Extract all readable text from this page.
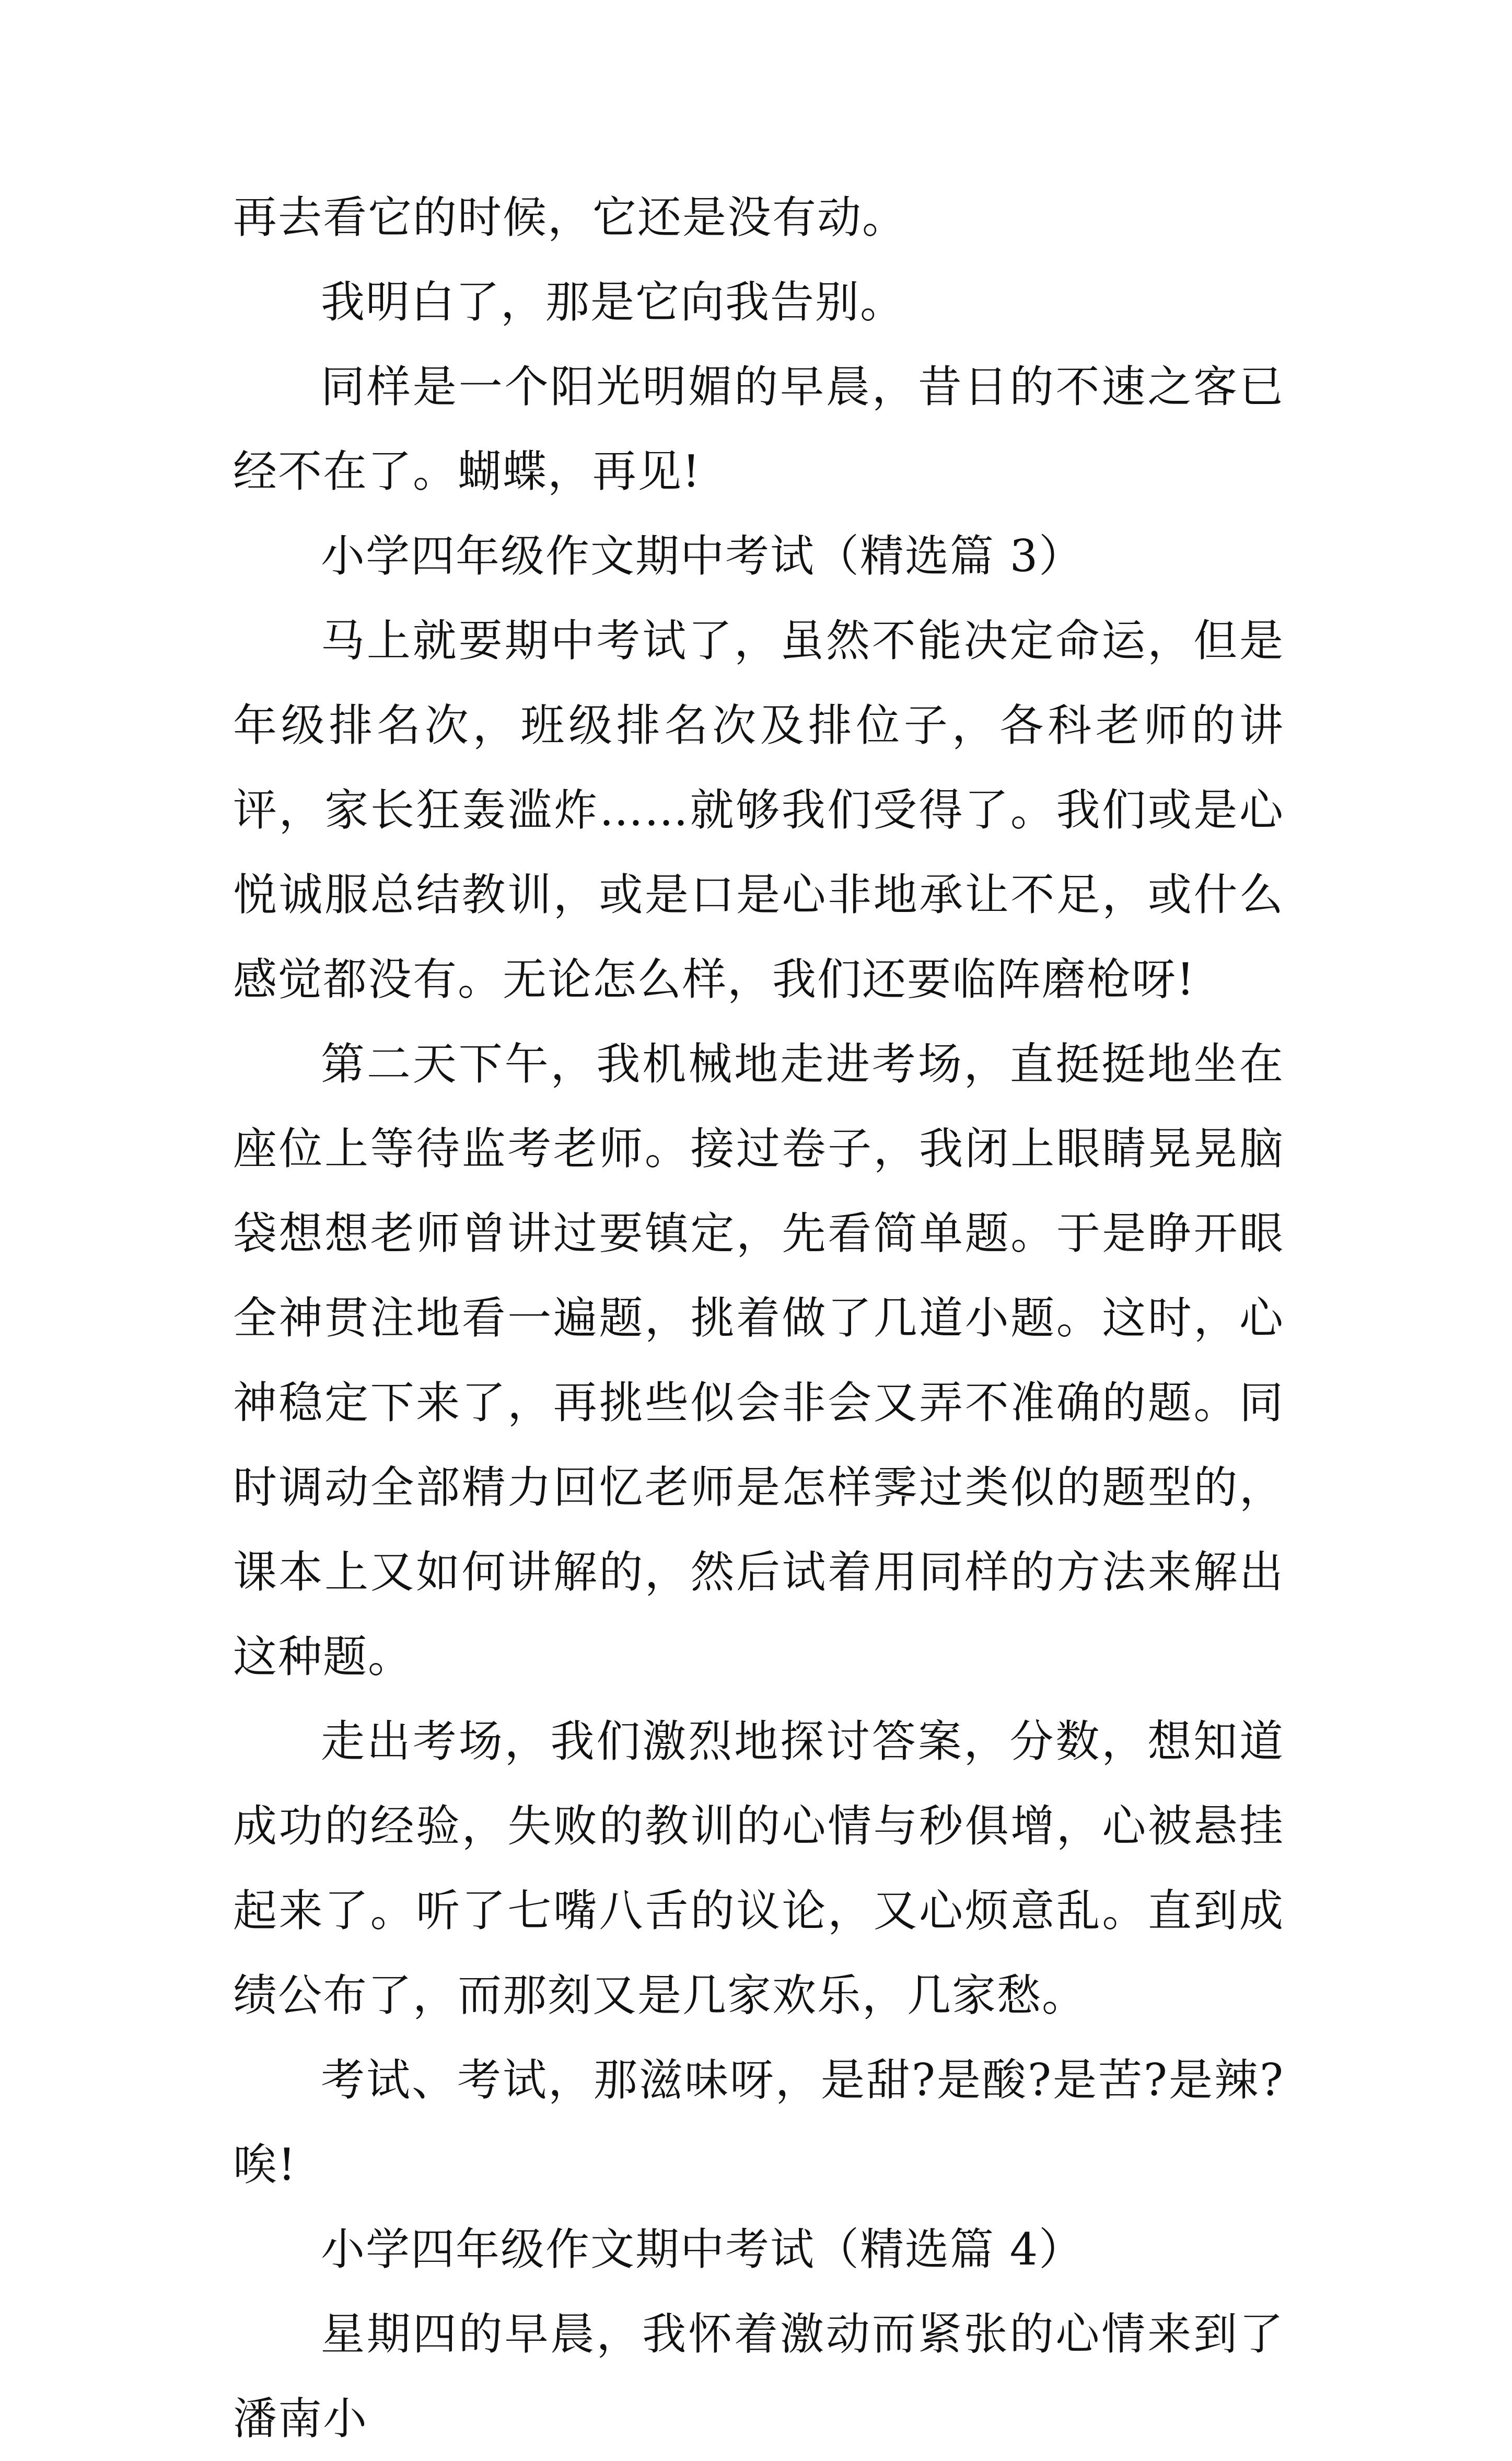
再去看它的时候，它还是没有动。

我明白了，那是它向我告别。

同样是一个阳光明媚的早晨，昔日的不速之客已经不在了。蝴蝶，再见!

小学四年级作文期中考试（精选篇 3）

马上就要期中考试了，虽然不能决定命运，但是年级排名次，班级排名次及排位子，各科老师的讲评，家长狂轰滥炸……就够我们受得了。我们或是心悦诚服总结教训，或是口是心非地承让不足，或什么感觉都没有。无论怎么样，我们还要临阵磨枪呀!

第二天下午，我机械地走进考场，直挺挺地坐在座位上等待监考老师。接过卷子，我闭上眼睛晃晃脑袋想想老师曾讲过要镇定，先看简单题。于是睁开眼全神贯注地看一遍题，挑着做了几道小题。这时，心神稳定下来了，再挑些似会非会又弄不准确的题。同时调动全部精力回忆老师是怎样霁过类似的题型的，课本上又如何讲解的，然后试着用同样的方法来解出这种题。

走出考场，我们激烈地探讨答案，分数，想知道成功的经验，失败的教训的心情与秒俱增，心被悬挂起来了。听了七嘴八舌的议论，又心烦意乱。直到成绩公布了，而那刻又是几家欢乐，几家愁。

考试、考试，那滋味呀，是甜?是酸?是苦?是辣?唉!

小学四年级作文期中考试（精选篇 4）

星期四的早晨，我怀着激动而紧张的心情来到了潘南小
